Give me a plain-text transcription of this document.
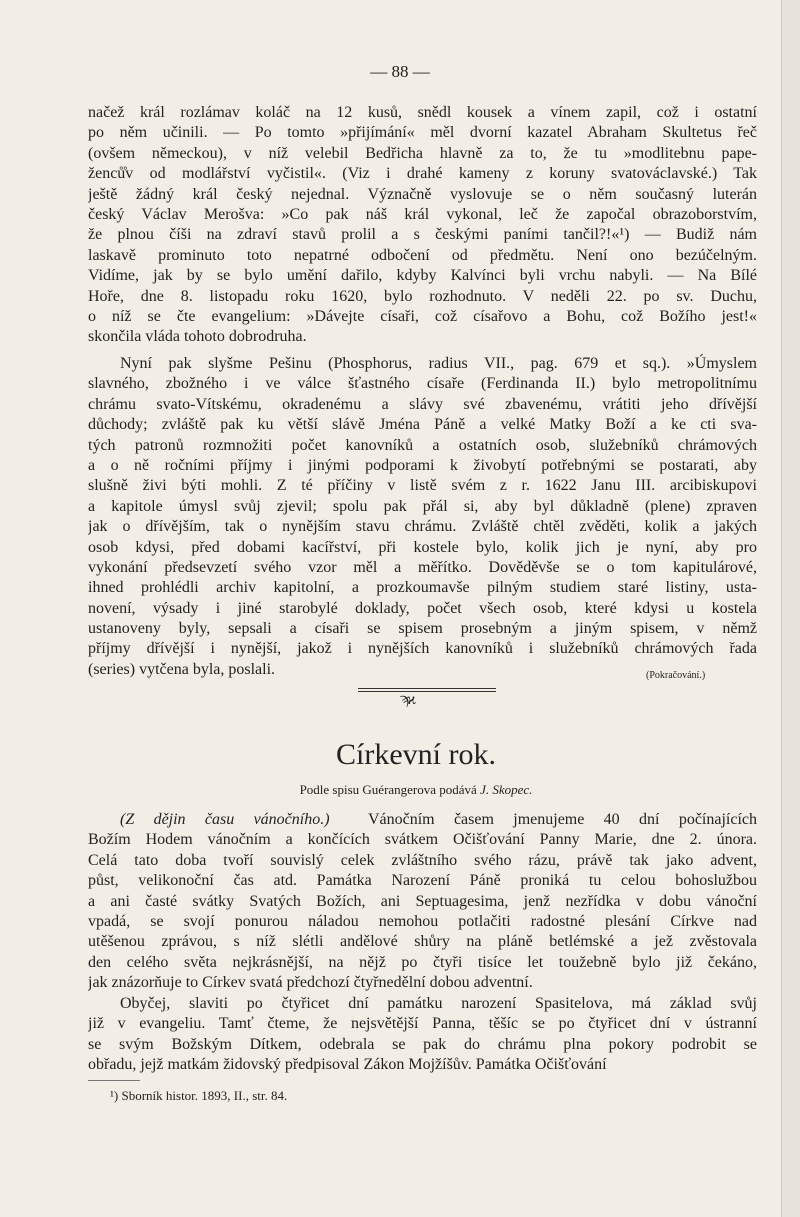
— 88 —
načež král rozlámav koláč na 12 kusů, snědl kousek a vínem zapil, což i ostatní
po něm učinili. — Po tomto »přijímání« měl dvorní kazatel Abraham Skultetus řeč
(ovšem německou), v níž velebil Bedřicha hlavně za to, že tu »modlitebnu pape-
ženců̊v od modlářství vyčistil«. (Viz i drahé kameny z koruny svatováclavské.) Tak
ještě žádný král český nejednal. Význačně vyslovuje se o něm současný luterán
český Václav Merošva: »Co pak náš král vykonal, leč že započal obrazoborstvím,
že plnou číši na zdraví stavů prolil a s českými paními tančil?!«¹) — Budiž nám
laskavě prominuto toto nepatrné odbočení od předmětu. Není ono bezúčelným.
Vidíme, jak by se bylo umění dařilo, kdyby Kalvínci byli vrchu nabyli. — Na Bílé
Hoře, dne 8. listopadu roku 1620, bylo rozhodnuto. V neděli 22. po sv. Duchu,
o níž se čte evangelium: »Dávejte císaři, což císařovo a Bohu, což Božího jest!«
skončila vláda tohoto dobrodruha.
Nyní pak slyšme Pešinu (Phosphorus, radius VII., pag. 679 et sq.). »Úmyslem
slavného, zbožného i ve válce šťastného císaře (Ferdinanda II.) bylo metropolitnímu
chrámu svato-Vítskému, okradenému a slávy své zbavenému, vrátiti jeho dřívější
důchody; zvláště pak ku větší slávě Jména Páně a velké Matky Boží a ke cti sva-
tých patronů rozmnožiti počet kanovníků a ostatních osob, služebníků chrámových
a o ně ročními příjmy i jinými podporami k živobytí potřebnými se postarati, aby
slušně živi býti mohli. Z té příčiny v listě svém z r. 1622 Janu III. arcibiskupovi
a kapitole úmysl svůj zjevil; spolu pak přál si, aby byl důkladně (plene) zpraven
jak o dřívějším, tak o nynějším stavu chrámu. Zvláště chtěl zvěděti, kolik a jakých
osob kdysi, před dobami kacířství, při kostele bylo, kolik jich je nyní, aby pro
vykonání předsevzetí svého vzor měl a měřítko. Dověděvše se o tom kapitulárové,
ihned prohlédli archiv kapitolní, a prozkoumavše pilným studiem staré listiny, usta-
novení, výsady i jiné starobylé doklady, počet všech osob, které kdysi u kostela
ustanoveny byly, sepsali a císaři se spisem prosebným a jiným spisem, v němž
příjmy dřívější i nynější, jakož i nynějších kanovníků i služebníků chrámových řada
(series) vytčena byla, poslali.	(Pokračování.)
ϡϰ
Církevní rok.
Podle spisu Guérangerova podává J. Skopec.
(Z dějin času vánočního.) Vánočním časem jmenujeme 40 dní počínajících
Božím Hodem vánočním a končících svátkem Očišťování Panny Marie, dne 2. února.
Celá tato doba tvoří souvislý celek zvláštního svého rázu, právě tak jako advent,
půst, velikonoční čas atd. Památka Narození Páně proniká tu celou bohoslužbou
a ani časté svátky Svatých Božích, ani Septuagesima, jenž nezřídka v dobu vánoční
vpadá, se svojí ponurou náladou nemohou potlačiti radostné plesání Církve nad
utěšenou zprávou, s níž slétli andělové shůry na pláně betlémské a jež zvěstovala
den celého světa nejkrásnější, na nějž po čtyři tisíce let toužebně bylo již čekáno,
jak znázorňuje to Církev svatá předchozí čtyřnedělní dobou adventní.
Obyčej, slaviti po čtyřicet dní památku narození Spasitelova, má základ svůj
již v evangeliu. Tamť čteme, že nejsvětější Panna, těšíc se po čtyřicet dní v ústranní
se svým Božským Dítkem, odebrala se pak do chrámu plna pokory podrobit se
obřadu, jejž matkám židovský předpisoval Zákon Mojžíšův. Památka Očišťování
¹) Sborník histor. 1893, II., str. 84.
